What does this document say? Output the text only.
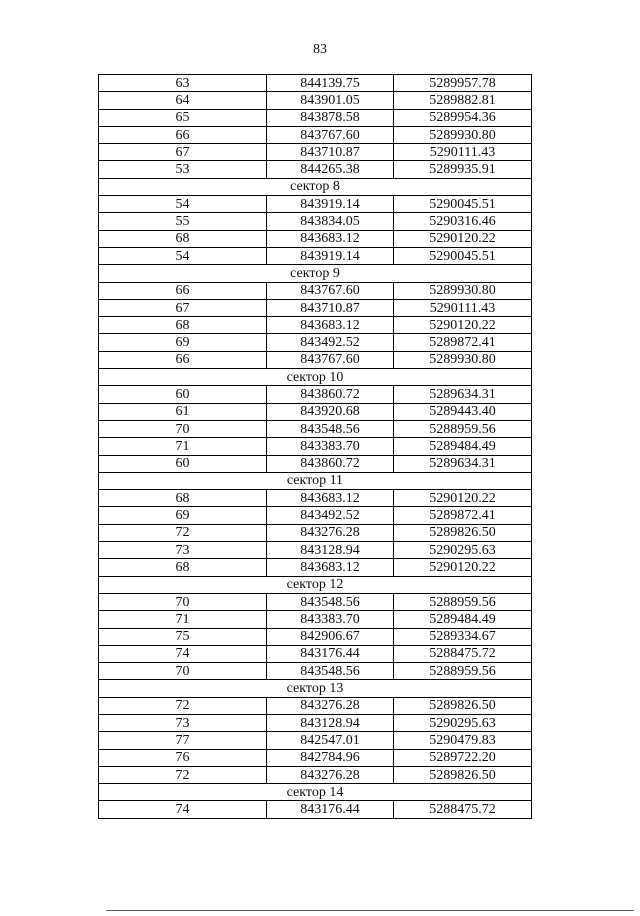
83
63	844139.75	5289957.78
64	843901.05	5289882.81
65	843878.58	5289954.36
66	843767.60	5289930.80
67	843710.87	5290111.43
53	844265.38	5289935.91
сектор 8		
54	843919.14	5290045.51
55	843834.05	5290316.46
68	843683.12	5290120.22
54	843919.14	5290045.51
сектор 9		
66	843767.60	5289930.80
67	843710.87	5290111.43
68	843683.12	5290120.22
69	843492.52	5289872.41
66	843767.60	5289930.80
сектор 10		
60	843860.72	5289634.31
61	843920.68	5289443.40
70	843548.56	5288959.56
71	843383.70	5289484.49
60	843860.72	5289634.31
сектор 11		
68	843683.12	5290120.22
69	843492.52	5289872.41
72	843276.28	5289826.50
73	843128.94	5290295.63
68	843683.12	5290120.22
сектор 12		
70	843548.56	5288959.56
71	843383.70	5289484.49
75	842906.67	5289334.67
74	843176.44	5288475.72
70	843548.56	5288959.56
сектор 13		
72	843276.28	5289826.50
73	843128.94	5290295.63
77	842547.01	5290479.83
76	842784.96	5289722.20
72	843276.28	5289826.50
сектор 14		
74	843176.44	5288475.72
